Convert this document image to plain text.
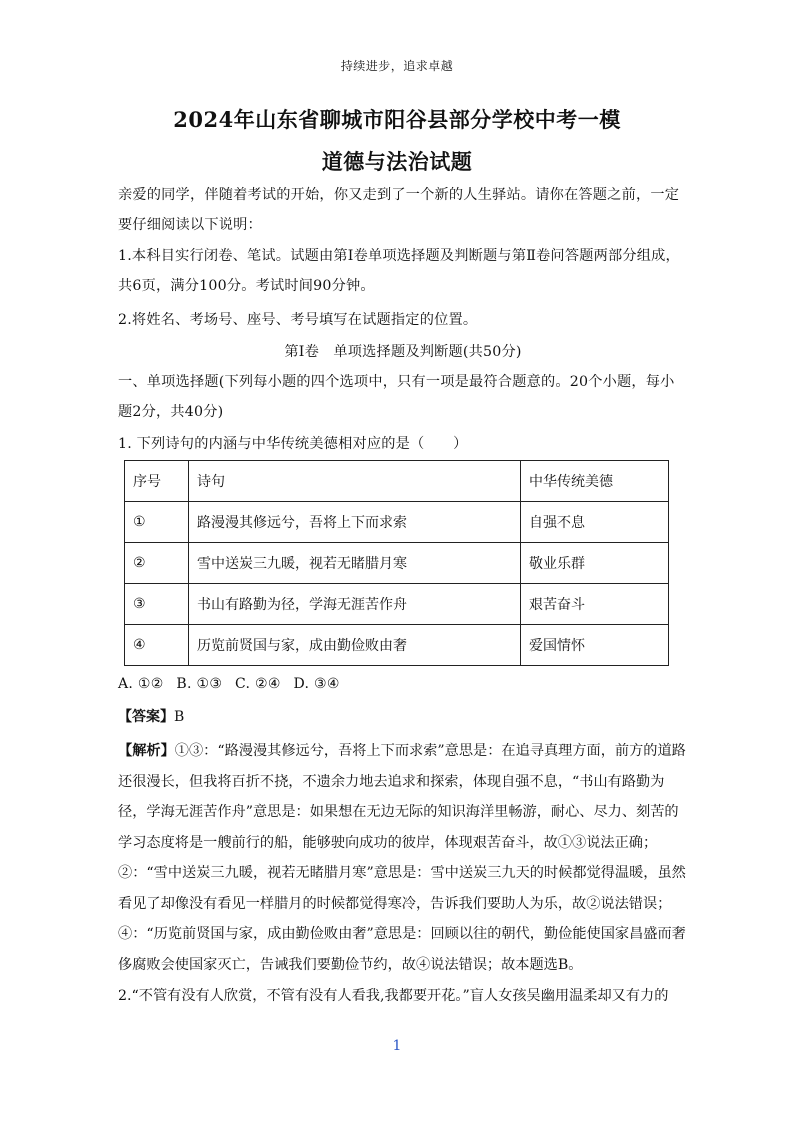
持续进步，追求卓越
2024年山东省聊城市阳谷县部分学校中考一模
道德与法治试题

亲爱的同学，伴随着考试的开始，你又走到了一个新的人生驿站。请你在答题之前，一定要仔细阅读以下说明：

1.本科目实行闭卷、笔试。试题由第Ⅰ卷单项选择题及判断题与第Ⅱ卷问答题两部分组成，共6页，满分100分。考试时间90分钟。

2.将姓名、考场号、座号、考号填写在试题指定的位置。

第Ⅰ卷　单项选择题及判断题(共50分)

一、单项选择题(下列每小题的四个选项中，只有一项是最符合题意的。20个小题，每小题2分，共40分)

1. 下列诗句的内涵与中华传统美德相对应的是（　　）

序号	诗句	中华传统美德
①	路漫漫其修远兮，吾将上下而求索	自强不息
②	雪中送炭三九暖，视若无睹腊月寒	敬业乐群
③	书山有路勤为径，学海无涯苦作舟	艰苦奋斗
④	历览前贤国与家，成由勤俭败由奢	爱国情怀
A. ①② B. ①③ C. ②④ D. ③④
【答案】B

【解析】①③：“路漫漫其修远兮，吾将上下而求索”意思是：在追寻真理方面，前方的道路还很漫长，但我将百折不挠，不遗余力地去追求和探索，体现自强不息，“书山有路勤为径，学海无涯苦作舟”意思是：如果想在无边无际的知识海洋里畅游，耐心、尽力、刻苦的学习态度将是一艘前行的船，能够驶向成功的彼岸，体现艰苦奋斗，故①③说法正确；②：“雪中送炭三九暖，视若无睹腊月寒”意思是：雪中送炭三九天的时候都觉得温暖，虽然看见了却像没有看见一样腊月的时候都觉得寒冷，告诉我们要助人为乐，故②说法错误；④：“历览前贤国与家，成由勤俭败由奢”意思是：回顾以往的朝代，勤俭能使国家昌盛而奢侈腐败会使国家灭亡，告诫我们要勤俭节约，故④说法错误；故本题选B。

2.“不管有没有人欣赏，不管有没有人看我,我都要开花。”盲人女孩吴幽用温柔却又有力的

1
